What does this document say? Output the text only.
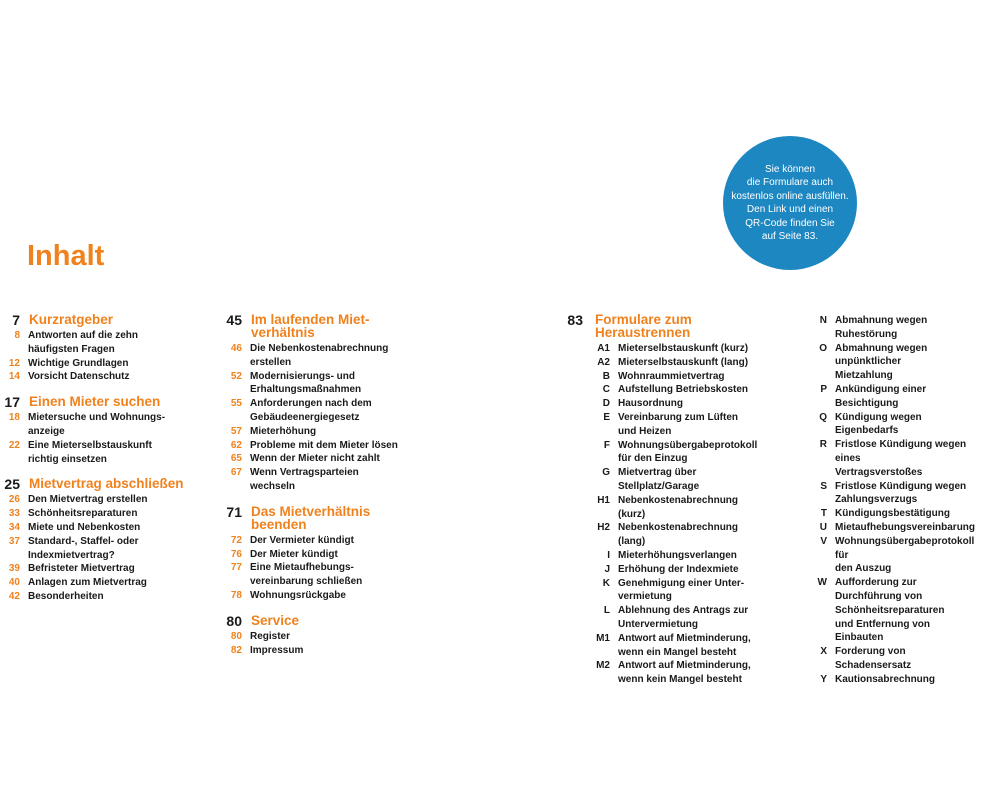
Sie können
die Formulare auch
kostenlos online ausfüllen.
Den Link und einen
QR-Code finden Sie
auf Seite 83.
Inhalt
7 Kurzratgeber
8 Antworten auf die zehn
häufigsten Fragen
12 Wichtige Grundlagen
14 Vorsicht Datenschutz
17 Einen Mieter suchen
18 Mietersuche und Wohnungs-
anzeige
22 Eine Mieterselbstauskunft
richtig einsetzen
25 Mietvertrag abschließen
26 Den Mietvertrag erstellen
33 Schönheitsreparaturen
34 Miete und Nebenkosten
37 Standard-, Staffel- oder
Indexmietvertrag?
39 Befristeter Mietvertrag
40 Anlagen zum Mietvertrag
42 Besonderheiten
45 Im laufenden Miet-
verhältnis
46 Die Nebenkostenabrechnung
erstellen
52 Modernisierungs- und
Erhaltungsmaßnahmen
55 Anforderungen nach dem
Gebäudeenergiegesetz
57 Mieterhöhung
62 Probleme mit dem Mieter lösen
65 Wenn der Mieter nicht zahlt
67 Wenn Vertragsparteien
wechseln
71 Das Mietverhältnis
beenden
72 Der Vermieter kündigt
76 Der Mieter kündigt
77 Eine Mietaufhebungs-
vereinbarung schließen
78 Wohnungsrückgabe
80 Service
80 Register
82 Impressum
83 Formulare zum
Heraustrennen
A1 Mieterselbstauskunft (kurz)
A2 Mieterselbstauskunft (lang)
B Wohnraummietvertrag
C Aufstellung Betriebskosten
D Hausordnung
E Vereinbarung zum Lüften
und Heizen
F Wohnungsübergabeprotokoll
für den Einzug
G Mietvertrag über Stellplatz/Garage
H1 Nebenkostenabrechnung (kurz)
H2 Nebenkostenabrechnung (lang)
I Mieterhöhungsverlangen
J Erhöhung der Indexmiete
K Genehmigung einer Unter-
vermietung
L Ablehnung des Antrags zur
Untervermietung
M1 Antwort auf Mietminderung,
wenn ein Mangel besteht
M2 Antwort auf Mietminderung,
wenn kein Mangel besteht
N Abmahnung wegen Ruhestörung
O Abmahnung wegen unpünktlicher
Mietzahlung
P Ankündigung einer Besichtigung
Q Kündigung wegen Eigenbedarfs
R Fristlose Kündigung wegen eines
Vertragsverstoßes
S Fristlose Kündigung wegen
Zahlungsverzugs
T Kündigungsbestätigung
U Mietaufhebungsvereinbarung
V Wohnungsübergabeprotokoll für
den Auszug
W Aufforderung zur Durchführung von
Schönheitsreparaturen
und Entfernung von Einbauten
X Forderung von Schadensersatz
Y Kautionsabrechnung
